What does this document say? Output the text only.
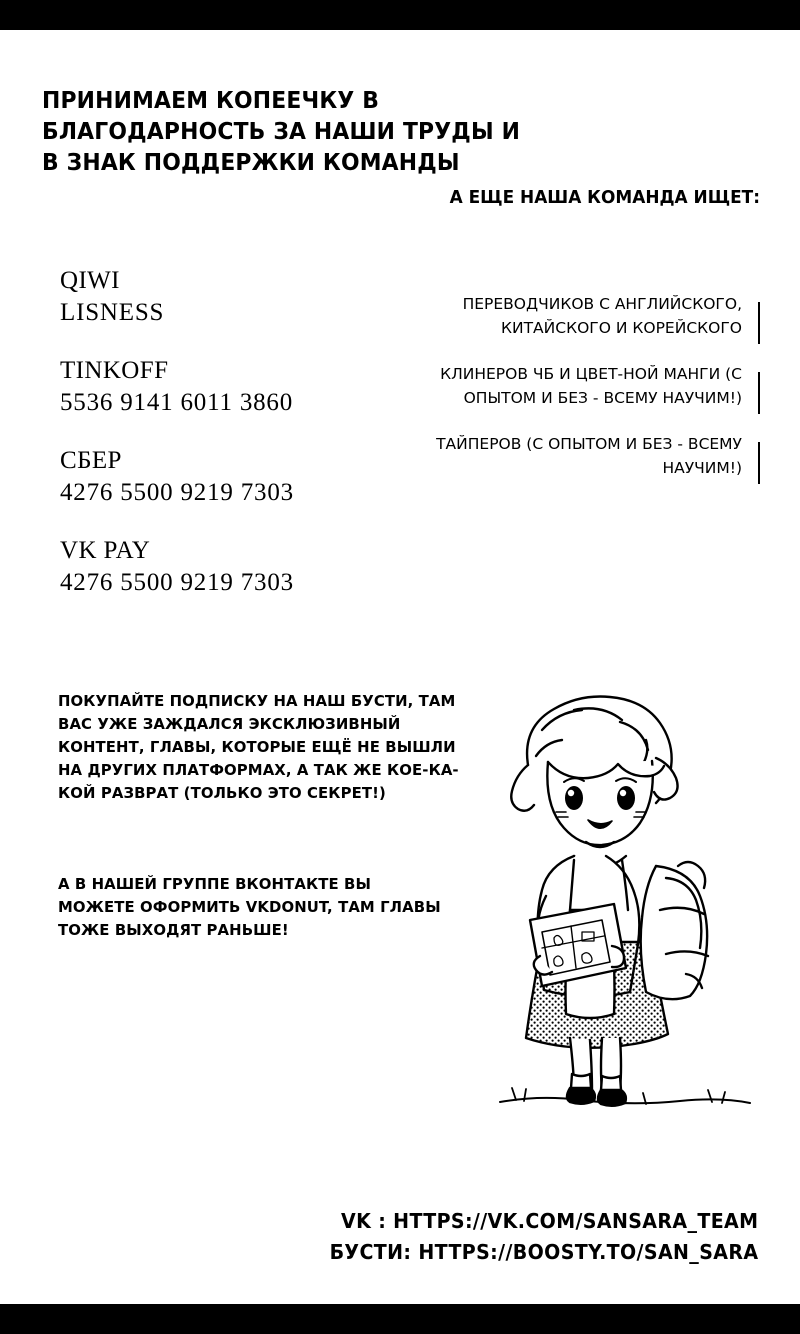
ПРИНИМАЕМ КОПЕЕЧКУ В БЛАГОДАРНОСТЬ ЗА НАШИ ТРУДЫ И В ЗНАК ПОДДЕРЖКИ КОМАНДЫ
QIWI
LISNESS
TINKOFF
5536 9141 6011 3860
СБЕР
4276 5500 9219 7303
VK PAY
4276 5500 9219 7303
А ЕЩЕ НАША КОМАНДА ИЩЕТ:
ПЕРЕВОДЧИКОВ С АНГЛИЙСКОГО, КИТАЙСКОГО И КОРЕЙСКОГО
КЛИНЕРОВ ЧБ И ЦВЕТ-НОЙ МАНГИ (С ОПЫТОМ И БЕЗ - ВСЕМУ НАУЧИМ!)
ТАЙПЕРОВ (С ОПЫТОМ И БЕЗ - ВСЕМУ НАУЧИМ!)
ПОКУПАЙТЕ ПОДПИСКУ НА НАШ БУСТИ, ТАМ ВАС УЖЕ ЗАЖДАЛСЯ ЭКСКЛЮЗИВНЫЙ КОНТЕНТ, ГЛАВЫ, КОТОРЫЕ ЕЩЁ НЕ ВЫШЛИ НА ДРУГИХ ПЛАТФОРМАХ, А ТАК ЖЕ КОЕ-КА-КОЙ РАЗВРАТ (ТОЛЬКО ЭТО СЕКРЕТ!)
А В НАШЕЙ ГРУППЕ ВКОНТАКТЕ ВЫ МОЖЕТЕ ОФОРМИТЬ VKDONUT, ТАМ ГЛАВЫ ТОЖЕ ВЫХОДЯТ РАНЬШЕ!
VK : HTTPS://VK.COM/SANSARA_TEAM
БУСТИ: HTTPS://BOOSTY.TO/SAN_SARA
